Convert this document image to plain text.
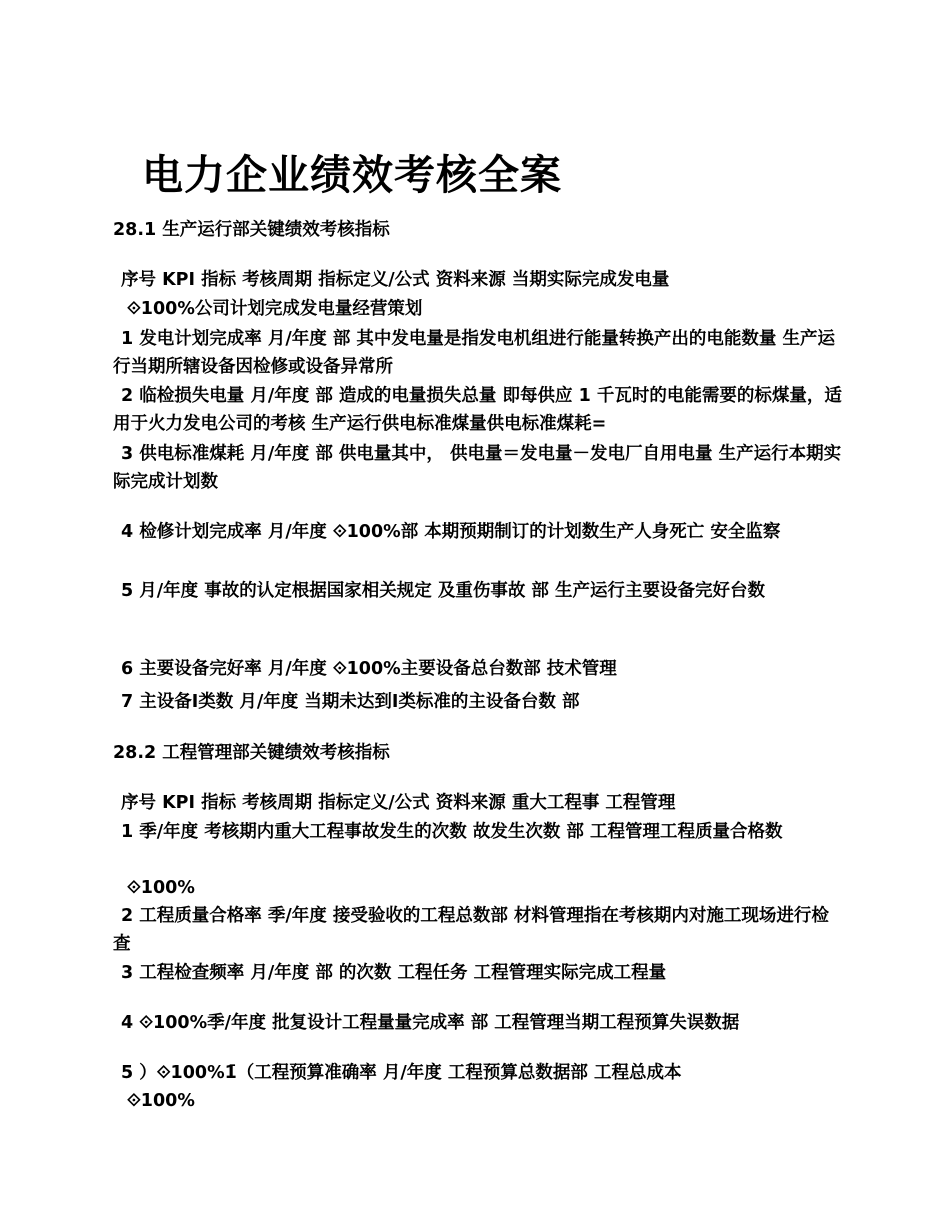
电力企业绩效考核全案
28.1 生产运行部关键绩效考核指标
序号 KPI 指标 考核周期 指标定义/公式 资料来源 当期实际完成发电量
⟐100%公司计划完成发电量经营策划
1 发电计划完成率 月/年度 部 其中发电量是指发电机组进行能量转换产出的电能数量 生产运行当期所辖设备因检修或设备异常所
2 临检损失电量 月/年度 部 造成的电量损失总量 即每供应 1 千瓦时的电能需要的标煤量，适用于火力发电公司的考核 生产运行供电标准煤量供电标准煤耗=
3 供电标准煤耗 月/年度 部 供电量其中， 供电量＝发电量－发电厂自用电量 生产运行本期实际完成计划数
4 检修计划完成率 月/年度 ⟐100%部 本期预期制订的计划数生产人身死亡 安全监察
5 月/年度 事故的认定根据国家相关规定 及重伤事故 部 生产运行主要设备完好台数
6 主要设备完好率 月/年度 ⟐100%主要设备总台数部 技术管理
7 主设备Ⅰ类数 月/年度 当期未达到Ⅰ类标准的主设备台数 部
28.2 工程管理部关键绩效考核指标
序号 KPI 指标 考核周期 指标定义/公式 资料来源 重大工程事 工程管理
1 季/年度 考核期内重大工程事故发生的次数 故发生次数 部 工程管理工程质量合格数
⟐100%
2 工程质量合格率 季/年度 接受验收的工程总数部 材料管理指在考核期内对施工现场进行检查
3 工程检查频率 月/年度 部 的次数 工程任务 工程管理实际完成工程量
4 ⟐100%季/年度 批复设计工程量量完成率 部 工程管理当期工程预算失误数据
5 ）⟐100%1̄（工程预算准确率 月/年度 工程预算总数据部 工程总成本
⟐100%
